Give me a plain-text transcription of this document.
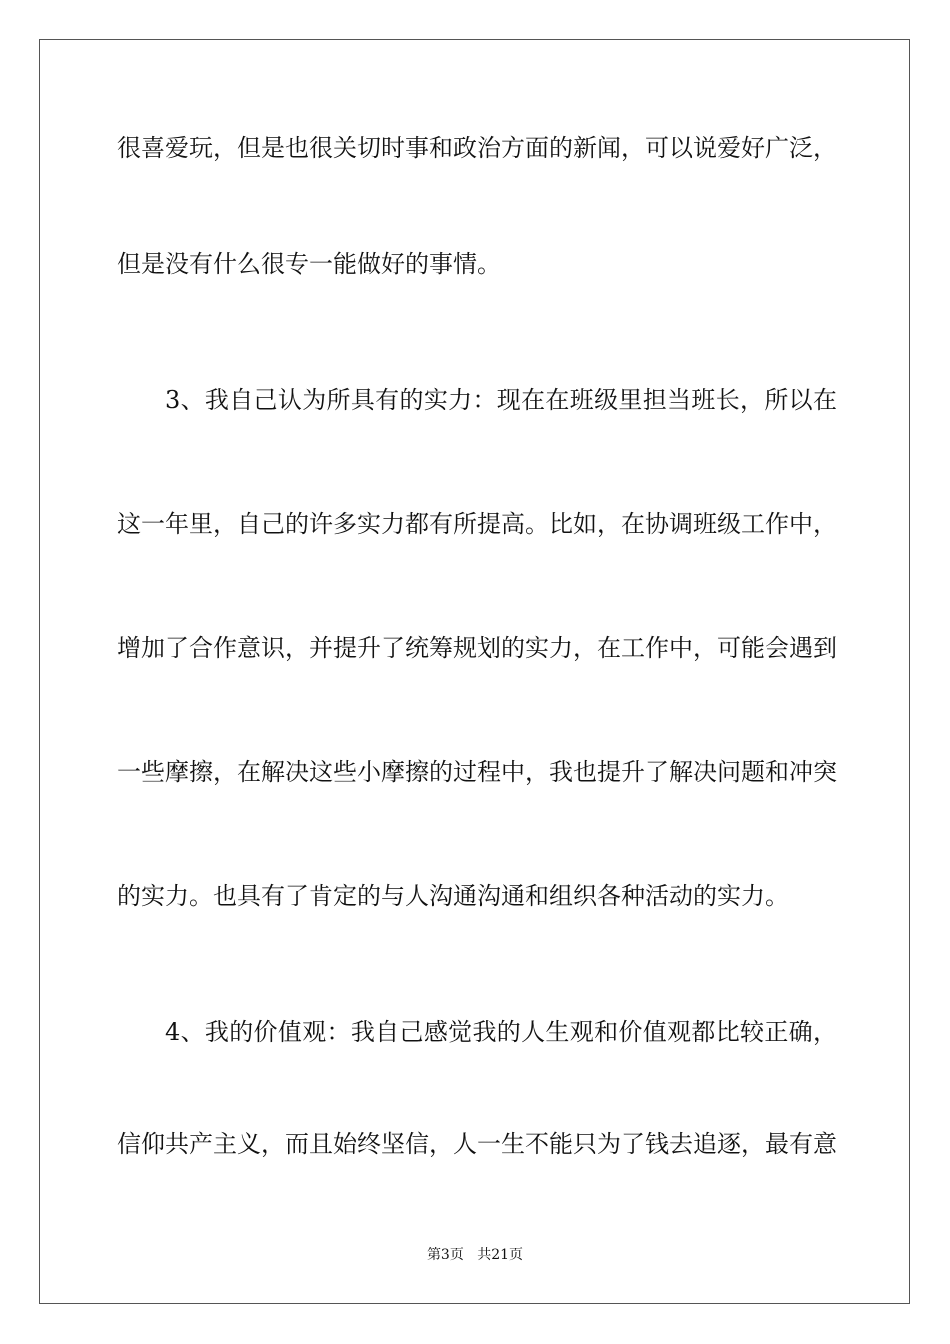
很喜爱玩，但是也很关切时事和政治方面的新闻，可以说爱好广泛，
但是没有什么很专一能做好的事情。
3、我自己认为所具有的实力：现在在班级里担当班长，所以在
这一年里，自己的许多实力都有所提高。比如，在协调班级工作中，
增加了合作意识，并提升了统筹规划的实力，在工作中，可能会遇到
一些摩擦，在解决这些小摩擦的过程中，我也提升了解决问题和冲突
的实力。也具有了肯定的与人沟通沟通和组织各种活动的实力。
4、我的价值观：我自己感觉我的人生观和价值观都比较正确，
信仰共产主义，而且始终坚信，人一生不能只为了钱去追逐，最有意
第3页 共21页
